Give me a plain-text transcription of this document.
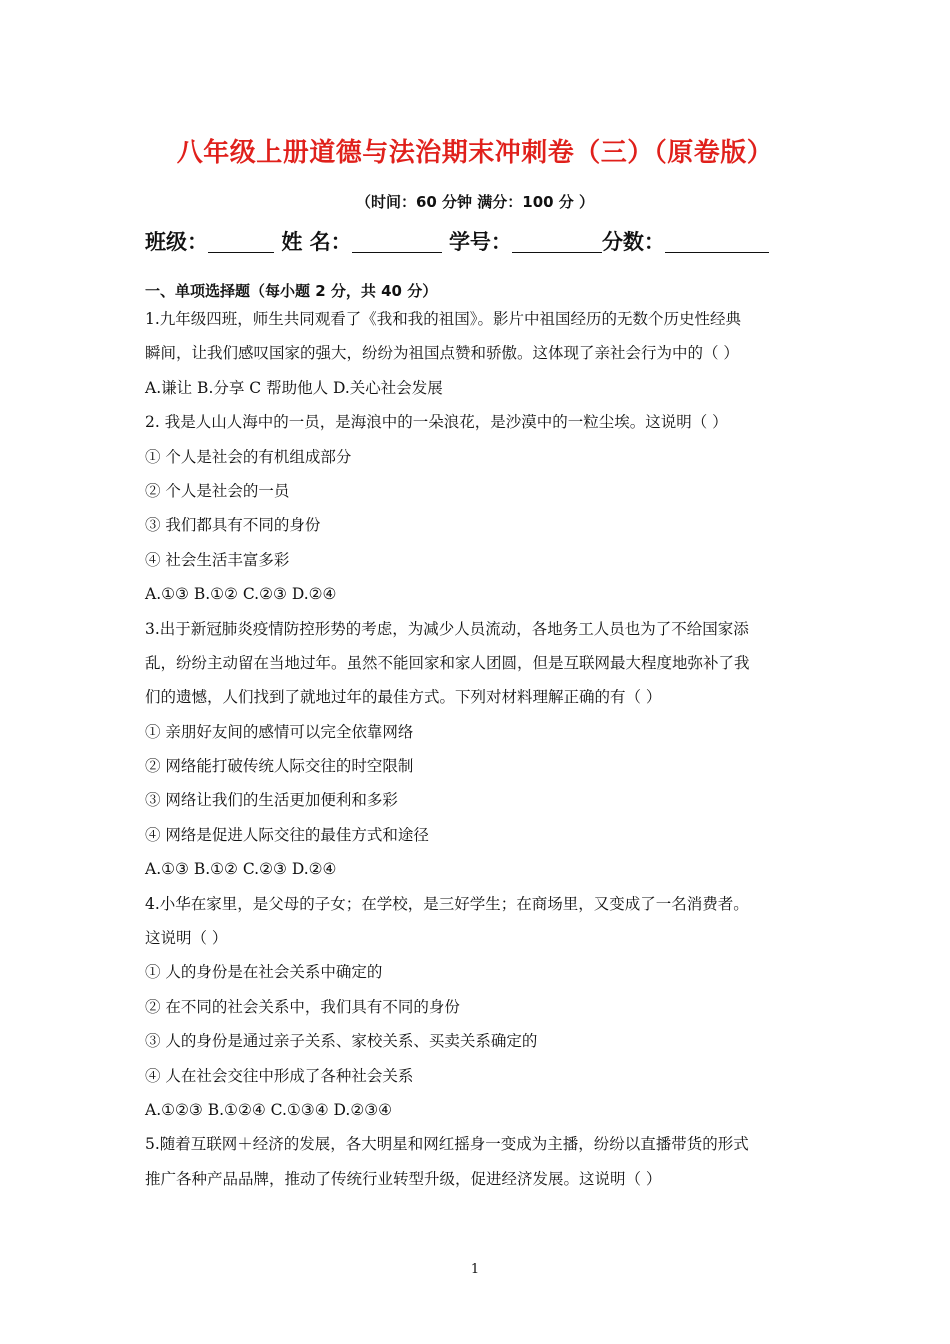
八年级上册道德与法治期末冲刺卷（三）（原卷版）
（时间：60 分钟 满分：100 分 ）
班级：	姓 名：	学号：	分数：
一、单项选择题（每小题 2 分，共 40 分）
1.九年级四班，师生共同观看了《我和我的祖国》。影片中祖国经历的无数个历史性经典
瞬间，让我们感叹国家的强大，纷纷为祖国点赞和骄傲。这体现了亲社会行为中的（ ）
A.谦让 B.分享 C 帮助他人 D.关心社会发展
2. 我是人山人海中的一员，是海浪中的一朵浪花，是沙漠中的一粒尘埃。这说明（ ）
① 个人是社会的有机组成部分
② 个人是社会的一员
③ 我们都具有不同的身份
④ 社会生活丰富多彩
A.①③ B.①② C.②③ D.②④
3.出于新冠肺炎疫情防控形势的考虑，为减少人员流动，各地务工人员也为了不给国家添
乱，纷纷主动留在当地过年。虽然不能回家和家人团圆，但是互联网最大程度地弥补了我
们的遗憾，人们找到了就地过年的最佳方式。下列对材料理解正确的有（ ）
① 亲朋好友间的感情可以完全依靠网络
② 网络能打破传统人际交往的时空限制
③ 网络让我们的生活更加便利和多彩
④ 网络是促进人际交往的最佳方式和途径
A.①③ B.①② C.②③ D.②④
4.小华在家里，是父母的子女；在学校，是三好学生；在商场里，又变成了一名消费者。
这说明（ ）
① 人的身份是在社会关系中确定的
② 在不同的社会关系中，我们具有不同的身份
③ 人的身份是通过亲子关系、家校关系、买卖关系确定的
④ 人在社会交往中形成了各种社会关系
A.①②③ B.①②④ C.①③④ D.②③④
5.随着互联网＋经济的发展，各大明星和网红摇身一变成为主播，纷纷以直播带货的形式
推广各种产品品牌，推动了传统行业转型升级，促进经济发展。这说明（ ）
1
